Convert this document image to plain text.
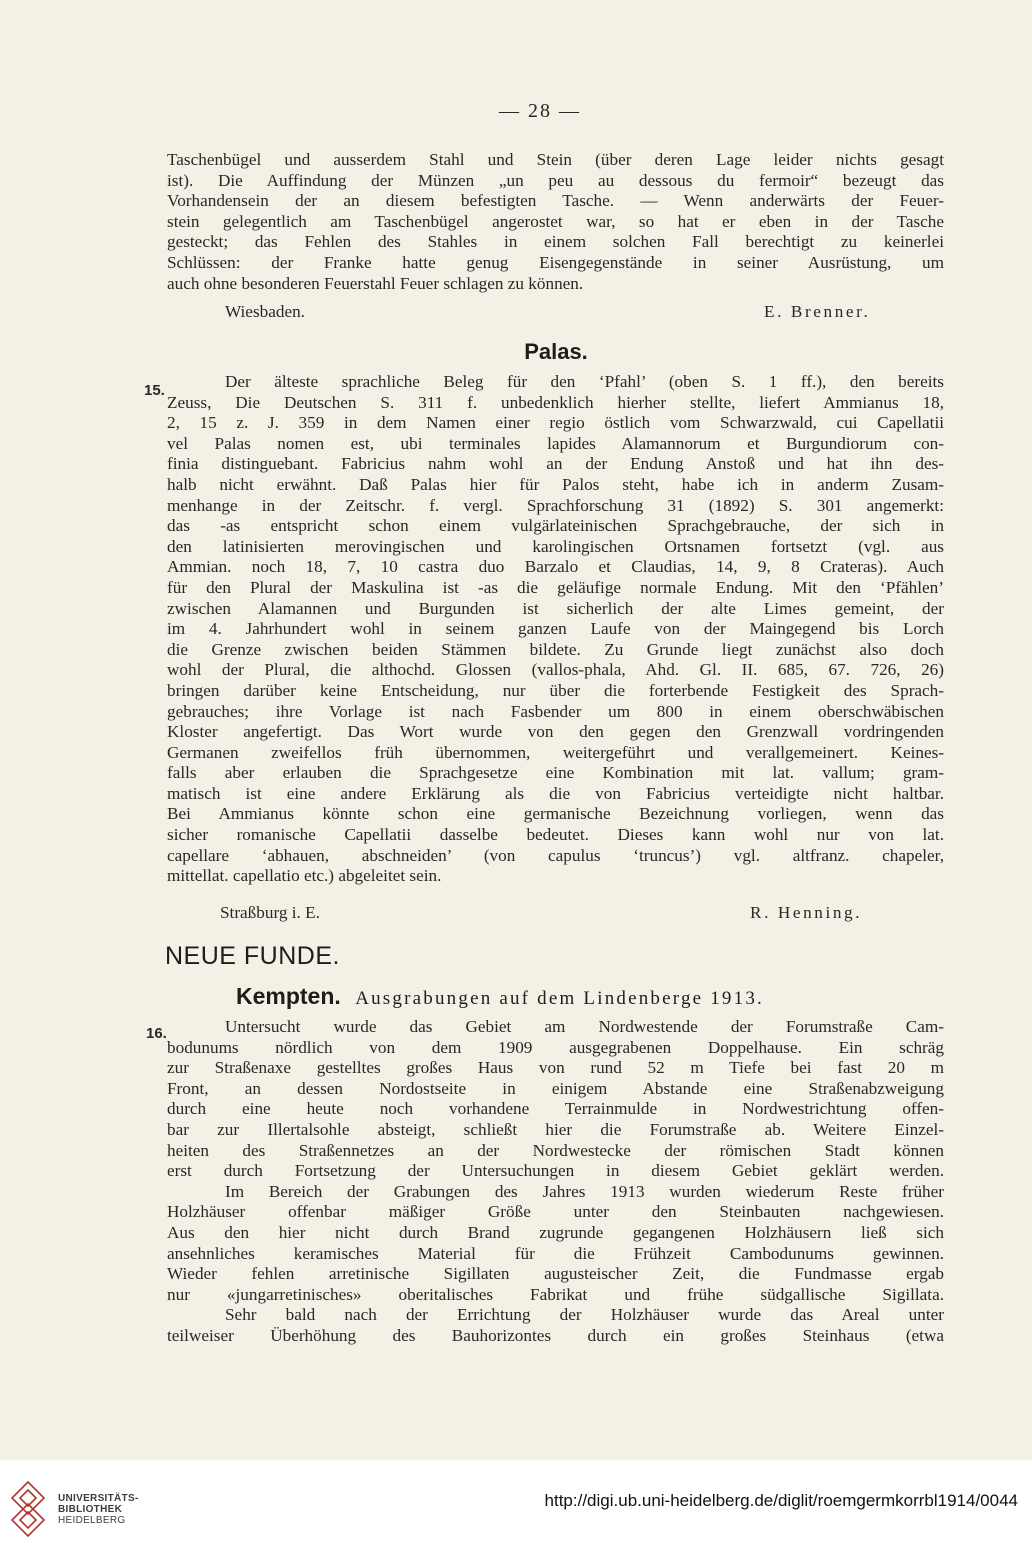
— 28 —
Taschenbügel und ausserdem Stahl und Stein (über deren Lage leider nichts gesagt
ist). Die Auffindung der Münzen „un peu au dessous du fermoir“ bezeugt das
Vorhandensein der an diesem befestigten Tasche. — Wenn anderwärts der Feuer-
stein gelegentlich am Taschenbügel angerostet war, so hat er eben in der Tasche
gesteckt; das Fehlen des Stahles in einem solchen Fall berechtigt zu keinerlei
Schlüssen: der Franke hatte genug Eisengegenstände in seiner Ausrüstung, um
auch ohne besonderen Feuerstahl Feuer schlagen zu können.
Wiesbaden.	E. Brenner.
Palas.
15.	Der älteste sprachliche Beleg für den ‘Pfahl’ (oben S. 1 ff.), den bereits
Zeuss, Die Deutschen S. 311 f. unbedenklich hierher stellte, liefert Ammianus 18,
2, 15 z. J. 359 in dem Namen einer regio östlich vom Schwarzwald, cui Capellatii
vel Palas nomen est, ubi terminales lapides Alamannorum et Burgundiorum con-
finia distinguebant. Fabricius nahm wohl an der Endung Anstoß und hat ihn des-
halb nicht erwähnt. Daß Palas hier für Palos steht, habe ich in anderm Zusam-
menhange in der Zeitschr. f. vergl. Sprachforschung 31 (1892) S. 301 angemerkt:
das -as entspricht schon einem vulgärlateinischen Sprachgebrauche, der sich in
den latinisierten merovingischen und karolingischen Ortsnamen fortsetzt (vgl. aus
Ammian. noch 18, 7, 10 castra duo Barzalo et Claudias, 14, 9, 8 Crateras). Auch
für den Plural der Maskulina ist -as die geläufige normale Endung. Mit den ‘Pfählen’
zwischen Alamannen und Burgunden ist sicherlich der alte Limes gemeint, der
im 4. Jahrhundert wohl in seinem ganzen Laufe von der Maingegend bis Lorch
die Grenze zwischen beiden Stämmen bildete. Zu Grunde liegt zunächst also doch
wohl der Plural, die althochd. Glossen (vallos-phala, Ahd. Gl. II. 685, 67. 726, 26)
bringen darüber keine Entscheidung, nur über die forterbende Festigkeit des Sprach-
gebrauches; ihre Vorlage ist nach Fasbender um 800 in einem oberschwäbischen
Kloster angefertigt. Das Wort wurde von den gegen den Grenzwall vordringenden
Germanen zweifellos früh übernommen, weitergeführt und verallgemeinert. Keines-
falls aber erlauben die Sprachgesetze eine Kombination mit lat. vallum; gram-
matisch ist eine andere Erklärung als die von Fabricius verteidigte nicht haltbar.
Bei Ammianus könnte schon eine germanische Bezeichnung vorliegen, wenn das
sicher romanische Capellatii dasselbe bedeutet. Dieses kann wohl nur von lat.
capellare ‘abhauen, abschneiden’ (von capulus ‘truncus’) vgl. altfranz. chapeler,
mittellat. capellatio etc.) abgeleitet sein.
Straßburg i. E.	R. Henning.
NEUE FUNDE.
Kempten. Ausgrabungen auf dem Lindenberge 1913.
16.	Untersucht wurde das Gebiet am Nordwestende der Forumstraße Cam-
bodunums nördlich von dem 1909 ausgegrabenen Doppelhause. Ein schräg
zur Straßenaxe gestelltes großes Haus von rund 52 m Tiefe bei fast 20 m
Front, an dessen Nordostseite in einigem Abstande eine Straßenabzweigung
durch eine heute noch vorhandene Terrainmulde in Nordwestrichtung offen-
bar zur Illertalsohle absteigt, schließt hier die Forumstraße ab. Weitere Einzel-
heiten des Straßennetzes an der Nordwestecke der römischen Stadt können
erst durch Fortsetzung der Untersuchungen in diesem Gebiet geklärt werden.
Im Bereich der Grabungen des Jahres 1913 wurden wiederum Reste früher
Holzhäuser offenbar mäßiger Größe unter den Steinbauten nachgewiesen.
Aus den hier nicht durch Brand zugrunde gegangenen Holzhäusern ließ sich
ansehnliches keramisches Material für die Frühzeit Cambodunums gewinnen.
Wieder fehlen arretinische Sigillaten augusteischer Zeit, die Fundmasse ergab
nur «jungarretinisches» oberitalisches Fabrikat und frühe südgallische Sigillata.
Sehr bald nach der Errichtung der Holzhäuser wurde das Areal unter
teilweiser Überhöhung des Bauhorizontes durch ein großes Steinhaus (etwa
UNIVERSITÄTS-
BIBLIOTHEK
HEIDELBERG
http://digi.ub.uni-heidelberg.de/diglit/roemgermkorrbl1914/0044
